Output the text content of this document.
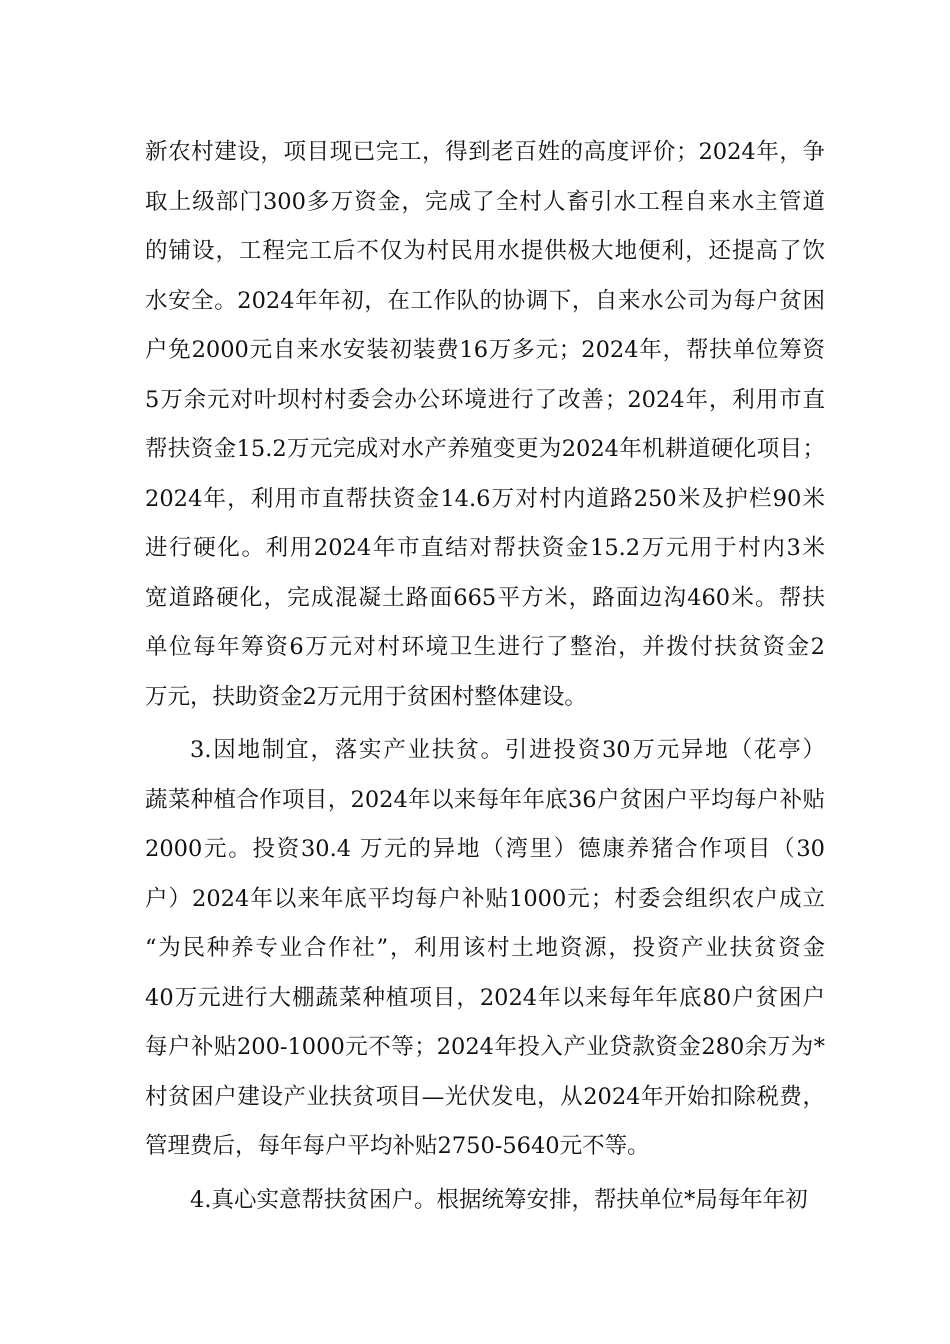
新农村建设，项目现已完工，得到老百姓的高度评价；2024年，争
取上级部门300多万资金，完成了全村人畜引水工程自来水主管道
的铺设，工程完工后不仅为村民用水提供极大地便利，还提高了饮
水安全。2024年年初，在工作队的协调下，自来水公司为每户贫困
户免2000元自来水安装初装费16万多元；2024年，帮扶单位筹资
5万余元对叶坝村村委会办公环境进行了改善；2024年，利用市直
帮扶资金15.2万元完成对水产养殖变更为2024年机耕道硬化项目；
2024年，利用市直帮扶资金14.6万对村内道路250米及护栏90米
进行硬化。利用2024年市直结对帮扶资金15.2万元用于村内3米
宽道路硬化，完成混凝土路面665平方米，路面边沟460米。帮扶
单位每年筹资6万元对村环境卫生进行了整治，并拨付扶贫资金2
万元，扶助资金2万元用于贫困村整体建设。
3.因地制宜，落实产业扶贫。引进投资30万元异地（花亭）
蔬菜种植合作项目，2024年以来每年年底36户贫困户平均每户补贴
2000元。投资30.4 万元的异地（湾里）德康养猪合作项目（30
户）2024年以来年底平均每户补贴1000元；村委会组织农户成立
“为民种养专业合作社”，利用该村土地资源，投资产业扶贫资金
40万元进行大棚蔬菜种植项目，2024年以来每年年底80户贫困户
每户补贴200-1000元不等；2024年投入产业贷款资金280余万为*
村贫困户建设产业扶贫项目—光伏发电，从2024年开始扣除税费，
管理费后，每年每户平均补贴2750-5640元不等。
4.真心实意帮扶贫困户。根据统筹安排，帮扶单位*局每年年初
